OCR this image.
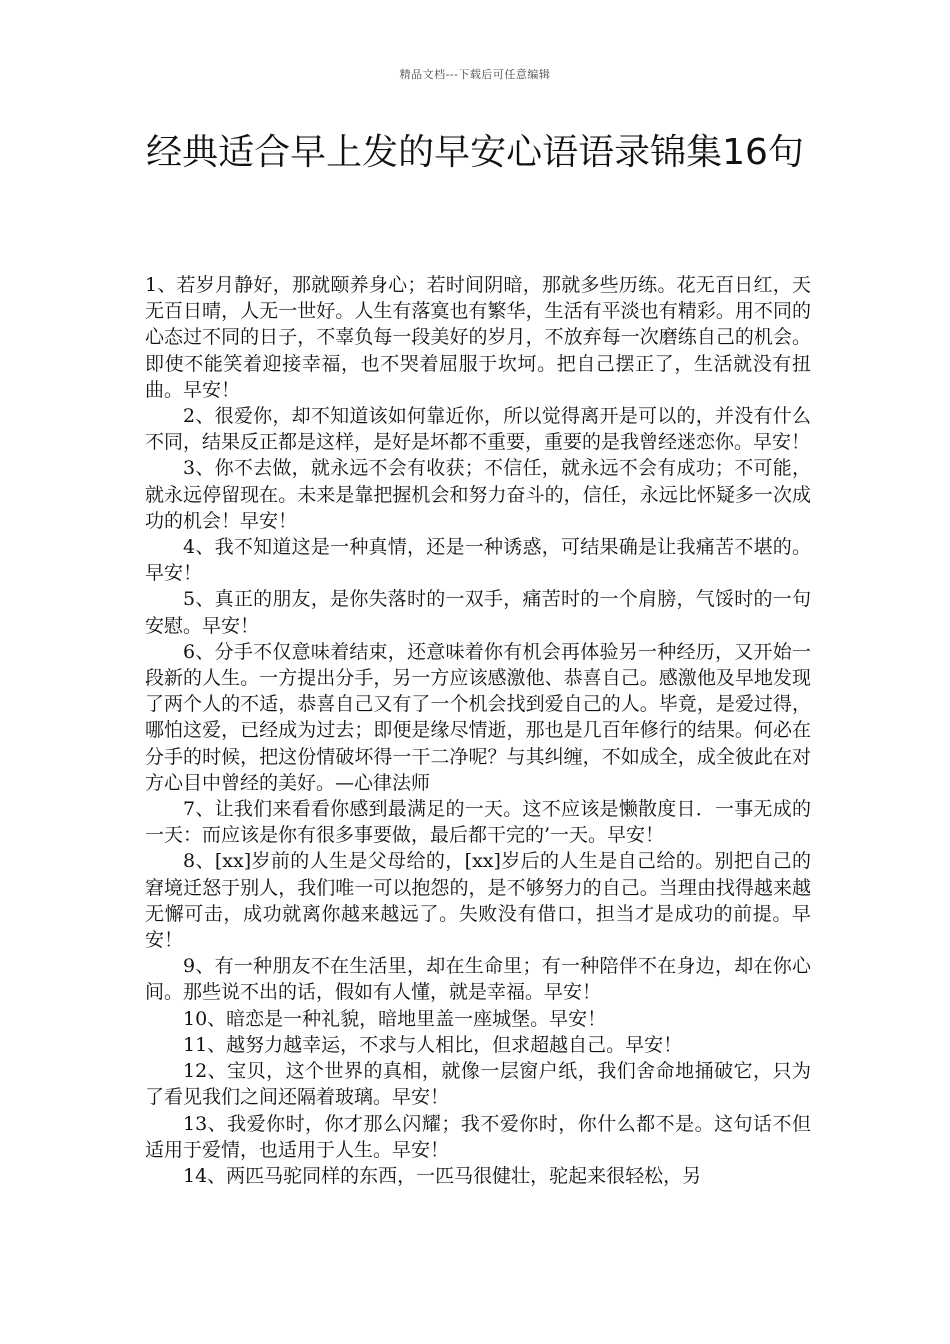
精品文档---下载后可任意编辑
经典适合早上发的早安心语语录锦集16句

1、若岁月静好，那就颐养身心；若时间阴暗，那就多些历练。花无百日红，天无百日晴，人无一世好。人生有落寞也有繁华，生活有平淡也有精彩。用不同的心态过不同的日子，不辜负每一段美好的岁月，不放弃每一次磨练自己的机会。即使不能笑着迎接幸福，也不哭着屈服于坎坷。把自己摆正了，生活就没有扭曲。早安！

2、很爱你，却不知道该如何靠近你，所以觉得离开是可以的，并没有什么不同，结果反正都是这样，是好是坏都不重要，重要的是我曾经迷恋你。早安！

3、你不去做，就永远不会有收获；不信任，就永远不会有成功；不可能，就永远停留现在。未来是靠把握机会和努力奋斗的，信任，永远比怀疑多一次成功的机会！早安！

4、我不知道这是一种真情，还是一种诱惑，可结果确是让我痛苦不堪的。早安！

5、真正的朋友，是你失落时的一双手，痛苦时的一个肩膀，气馁时的一句安慰。早安！

6、分手不仅意味着结束，还意味着你有机会再体验另一种经历，又开始一段新的人生。一方提出分手，另一方应该感激他、恭喜自己。感激他及早地发现了两个人的不适，恭喜自己又有了一个机会找到爱自己的人。毕竟，是爱过得，哪怕这爱，已经成为过去；即便是缘尽情逝，那也是几百年修行的结果。何必在分手的时候，把这份情破坏得一干二净呢？与其纠缠，不如成全，成全彼此在对方心目中曾经的美好。—心律法师

7、让我们来看看你感到最满足的一天。这不应该是懒散度日．一事无成的一天：而应该是你有很多事要做，最后都干完的’一天。早安！

8、[xx]岁前的人生是父母给的，[xx]岁后的人生是自己给的。别把自己的窘境迁怒于别人，我们唯一可以抱怨的，是不够努力的自己。当理由找得越来越无懈可击，成功就离你越来越远了。失败没有借口，担当才是成功的前提。早安！

9、有一种朋友不在生活里，却在生命里；有一种陪伴不在身边，却在你心间。那些说不出的话，假如有人懂，就是幸福。早安！

10、暗恋是一种礼貌，暗地里盖一座城堡。早安！

11、越努力越幸运，不求与人相比，但求超越自己。早安！

12、宝贝，这个世界的真相，就像一层窗户纸，我们舍命地捅破它，只为了看见我们之间还隔着玻璃。早安！

13、我爱你时，你才那么闪耀；我不爱你时，你什么都不是。这句话不但适用于爱情，也适用于人生。早安！

14、两匹马驼同样的东西，一匹马很健壮，驼起来很轻松，另
